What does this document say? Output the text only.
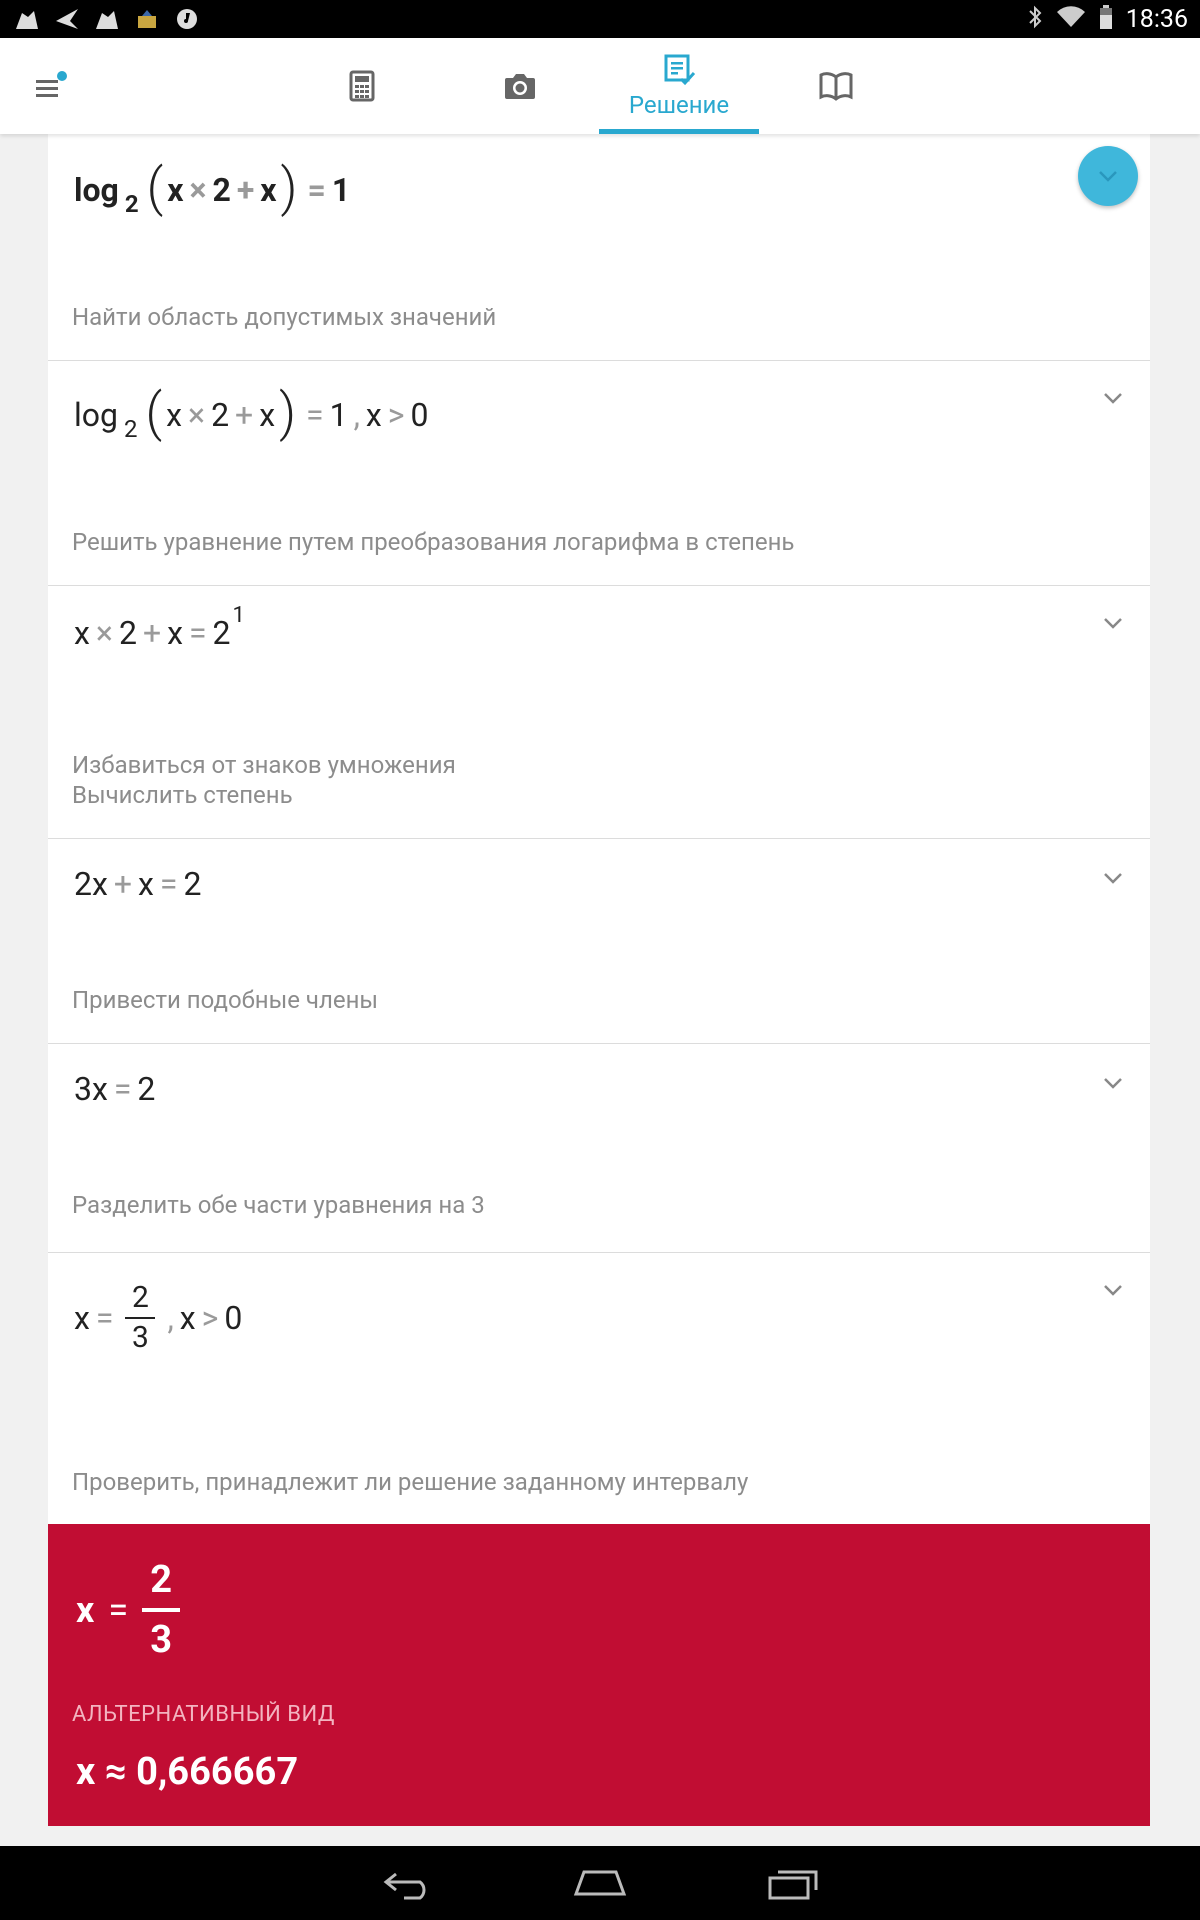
18:36
Решение
log 2 ( x × 2 + x ) = 1
Найти область допустимых значений
log 2 ( x × 2 + x ) = 1 , x > 0
Решить уравнение путем преобразования логарифма в степень
x × 2 + x = 2 1
Избавиться от знаков умножения
Вычислить степень
2x + x = 2
Привести подобные члены
3x = 2
Разделить обе части уравнения на 3
$x = \frac{2}{3}$ , x > 0
Проверить, принадлежит ли решение заданному интервалу
$x = \frac{2}{3}$
АЛЬТЕРНАТИВНЫЙ ВИД
x ≈ 0,666667
